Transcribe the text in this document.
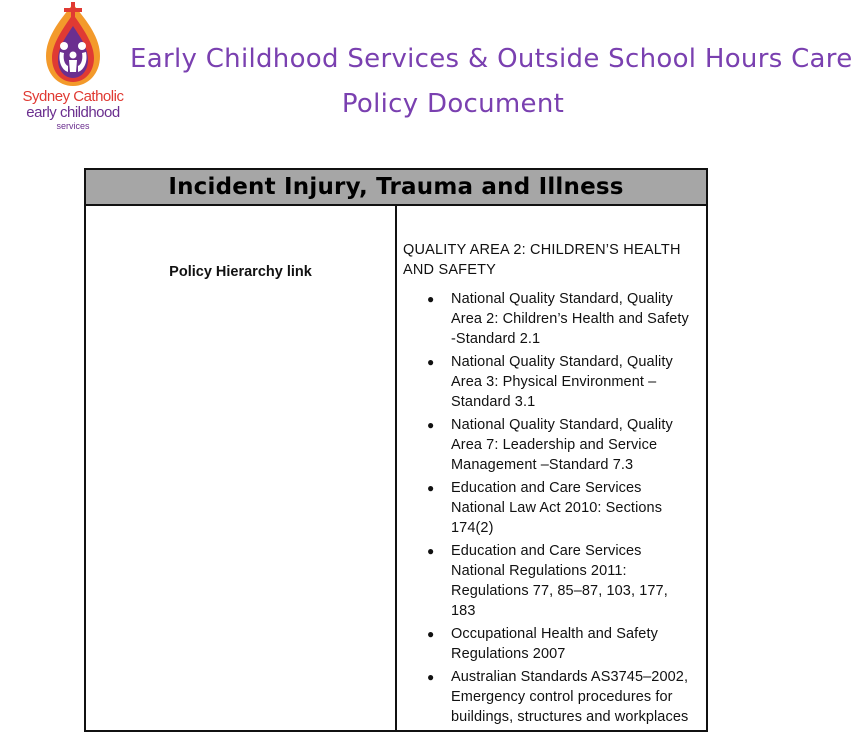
Sydney Catholic
early childhood
services
Early Childhood Services & Outside School Hours Care
Policy Document
Incident Injury, Trauma and Illness
Policy Hierarchy link	
QUALITY AREA 2: CHILDREN’S HEALTH AND SAFETY
● National Quality Standard, Quality Area 2: Children’s Health and Safety -Standard 2.1
● National Quality Standard, Quality Area 3: Physical Environment – Standard 3.1
● National Quality Standard, Quality Area 7: Leadership and Service Management –Standard 7.3
● Education and Care Services National Law Act 2010: Sections 174(2)
● Education and Care Services National Regulations 2011: Regulations 77, 85–87, 103, 177, 183
● Occupational Health and Safety Regulations 2007
● Australian Standards AS3745–2002, Emergency control procedures for buildings, structures and workplaces
